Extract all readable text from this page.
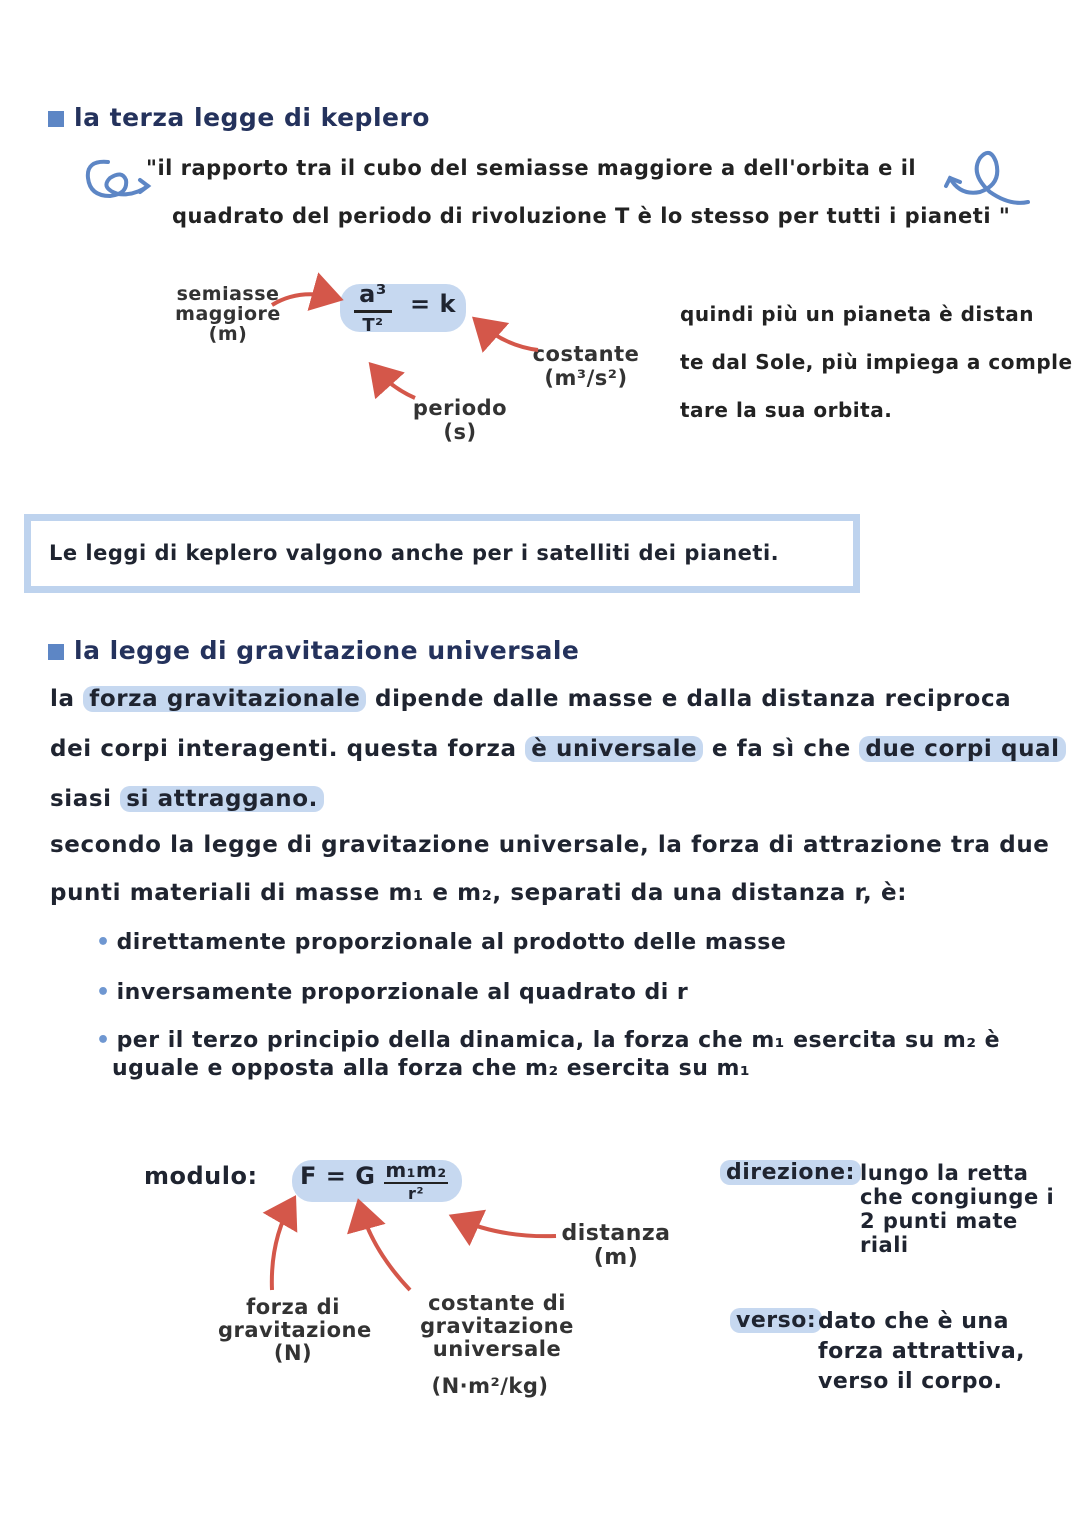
la terza legge di keplero
"il rapporto tra il cubo del semiasse maggiore a dell'orbita e il
quadrato del periodo di rivoluzione T è lo stesso per tutti i pianeti "
a³
T²
= k
semiasse maggiore (m)
costante (m³/s²)
periodo (s)
quindi più un pianeta è distan
te dal Sole, più impiega a comple
tare la sua orbita.
Le leggi di keplero valgono anche per i satelliti dei pianeti.
la legge di gravitazione universale
la forza gravitazionale dipende dalle masse e dalla distanza reciproca
dei corpi interagenti. questa forza è universale e fa sì che due corpi qual
siasi si attraggano.
secondo la legge di gravitazione universale, la forza di attrazione tra due
punti materiali di masse m₁ e m₂, separati da una distanza r, è:
• direttamente proporzionale al prodotto delle masse
• inversamente proporzionale al quadrato di r
• per il terzo principio della dinamica, la forza che m₁ esercita su m₂ è
uguale e opposta alla forza che m₂ esercita su m₁
modulo: F = G m₁m₂
r²
forza di gravitazione (N)
costante di gravitazione universale
(N·m²/kg)
distanza (m)
direzione: lungo la retta che congiunge i 2 punti mate riali
verso: dato che è una forza attrattiva, verso il corpo.
